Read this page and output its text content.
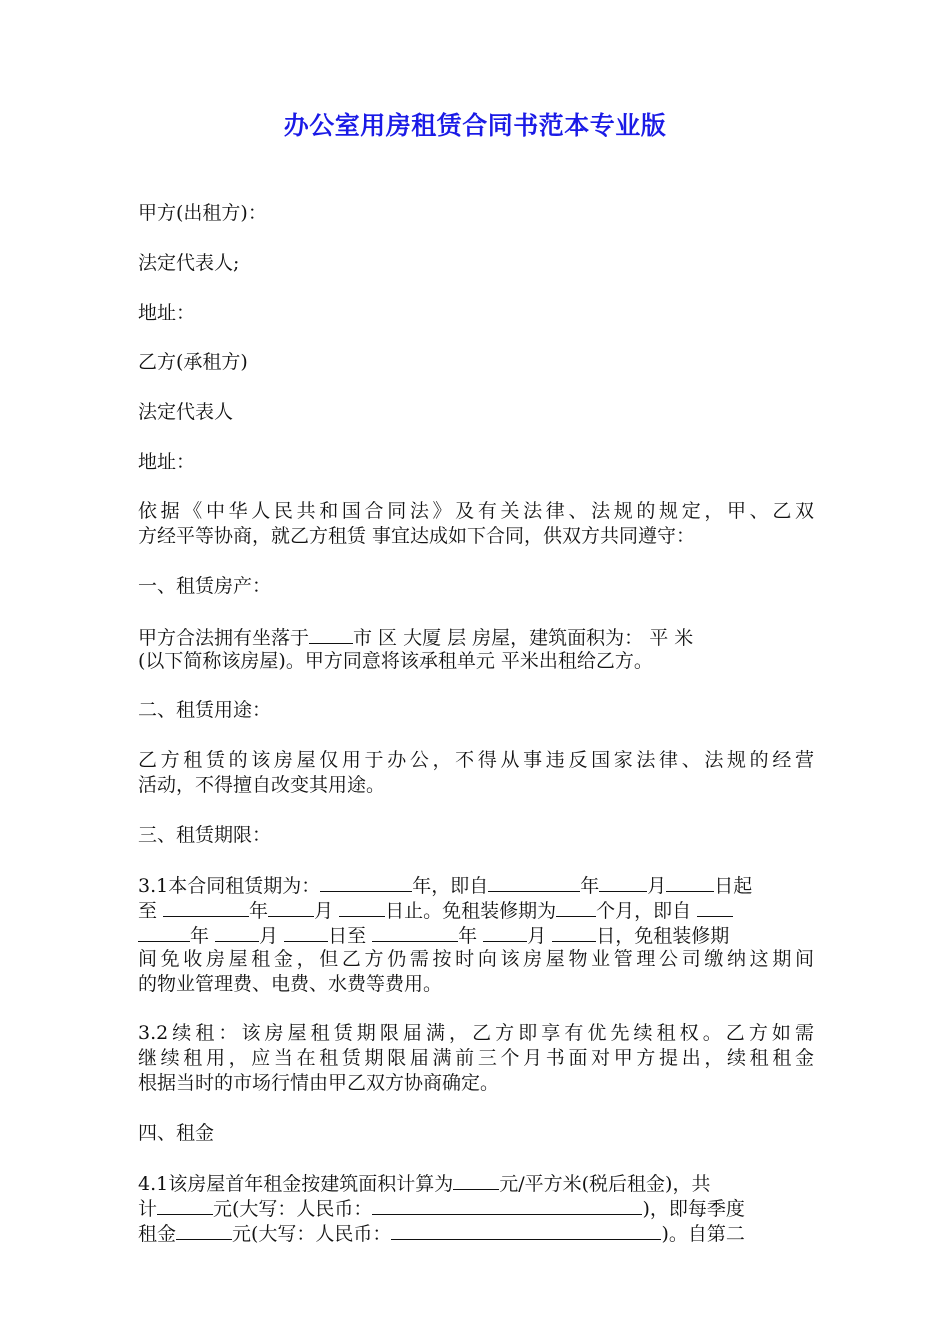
办公室用房租赁合同书范本专业版

甲方(出租方)：

法定代表人;

地址：

乙方(承租方)

法定代表人

地址：

依据《中华人民共和国合同法》及有关法律、法规的规定，甲、乙双
方经平等协商，就乙方租赁 事宜达成如下合同，供双方共同遵守：

一、租赁房产：

甲方合法拥有坐落于 市 区 大厦 层 房屋，建筑面积为： 平 米
(以下简称该房屋)。甲方同意将该承租单元 平米出租给乙方。

二、租赁用途：

乙方租赁的该房屋仅用于办公，不得从事违反国家法律、法规的经营
活动，不得擅自改变其用途。

三、租赁期限：

3.1本合同租赁期为：	年，即自	年	月	日起
至	年 月 日止。免租装修期为 个月，即自
年 月 日至	年 月 日，免租装修期
间免收房屋租金，但乙方仍需按时向该房屋物业管理公司缴纳这期间
的物业管理费、电费、水费等费用。
3.2续租：该房屋租赁期限届满，乙方即享有优先续租权。乙方如需
继续租用，应当在租赁期限届满前三个月书面对甲方提出，续租租金
根据当时的市场行情由甲乙双方协商确定。

四、租金

4.1该房屋首年租金按建筑面积计算为 元/平方米(税后租金)，共
计	元(大写：人民币：	)，即每季度
租金	元(大写：人民币：	)。自第二
